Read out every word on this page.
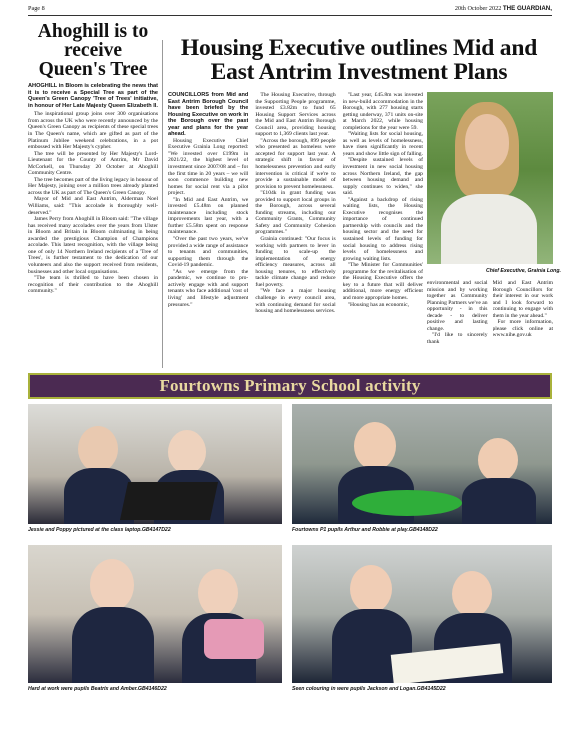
Page 8	20th October 2022 THE GUARDIAN,
Ahoghill is to receive Queen's Tree

AHOGHILL in Bloom is celebrating the news that it is to receive a Special Tree as part of the Queen's Green Canopy 'Tree of Trees' initiative, in honour of Her Late Majesty Queen Elizabeth II.

The inspirational group joins over 300 organisations from across the UK who were recently announced by the Queen's Green Canopy as recipients of these special trees in The Queen's name, which are gifted as part of the Platinum Jubilee weekend celebrations, in a pot embossed with Her Majesty's cypher.

The tree will be presented by Her Majesty's Lord-Lieutenant for the County of Antrim, Mr David McCorkell, on Thursday 20 October at Ahoghill Community Centre.

The tree becomes part of the living legacy in honour of Her Majesty, joining over a million trees already planted across the UK as part of The Queen's Green Canopy.

Mayor of Mid and East Antrim, Alderman Noel Williams, said: "This accolade is thoroughly well-deserved."

James Perry from Ahoghill in Bloom said: "The village has received many accolades over the years from Ulster in Bloom and Britain in Bloom culminating in being awarded the prestigious Champion of Champions accolade. This latest recognition, with the village being one of only 14 Northern Ireland recipients of a 'Tree of Trees', is further testament to the dedication of our volunteers and also the support received from residents, businesses and other local organisations.

"The team is thrilled to have been chosen in recognition of their contribution to the Ahoghill community."

Housing Executive outlines Mid and East Antrim Investment Plans

COUNCILLORS from Mid and East Antrim Borough Council have been briefed by the Housing Executive on work in the Borough over the past year and plans for the year ahead.

Housing Executive Chief Executive Grainia Long reported: "We invested over £199m in 2021/22, the highest level of investment since 2007/08 and – for the first time in 20 years – we will soon commence building new homes for social rent via a pilot project.

"In Mid and East Antrim, we invested £5.48m on planned maintenance including stock improvements last year, with a further £5.58m spent on response maintenance.

"Over the past two years, we've provided a wide range of assistance to tenants and communities, supporting them through the Covid-19 pandemic.

"As we emerge from the pandemic, we continue to pro-actively engage with and support tenants who face additional 'cost of living' and lifestyle adjustment pressures."

The Housing Executive, through the Supporting People programme, invested £3.82m to fund 65 Housing Support Services across the Mid and East Antrim Borough Council area, providing housing support to 1,369 clients last year.

"Across the borough, 899 people who presented as homeless were accepted for support last year. A strategic shift in favour of homelessness prevention and early intervention is critical if we're to provide a sustainable model of provision to prevent homelessness.

"£104k in grant funding was provided to support local groups in the Borough, across several funding streams, including our Community Grants, Community Safety and Community Cohesion programmes."

Grainia continued: "Our focus is working with partners to lever in funding to scale-up the implementation of energy efficiency measures, across all housing tenures, to effectively tackle climate change and reduce fuel poverty.

"We face a major housing challenge in every council area, with continuing demand for social housing and homelessness services.

"Last year, £45.8m was invested in new-build accommodation in the Borough, with 277 housing starts getting underway, 371 units on-site at March 2022, while housing completions for the year were 59.

"Waiting lists for social housing, as well as levels of homelessness, have risen significantly in recent years and show little sign of falling.

"Despite sustained levels of investment in new social housing across Northern Ireland, the gap between housing demand and supply continues to widen," she said.

"Against a backdrop of rising waiting lists, the Housing Executive recognises the importance of continued partnership with councils and the housing sector and the need for sustained levels of funding for social housing to address rising levels of homelessness and growing waiting lists.

"The Minister for Communities' programme for the revitalisation of the Housing Executive offers the key to a future that will deliver additional, more energy efficient and more appropriate homes.

"Housing has an economic,

Chief Executive, Grainia Long.

environmental and social mission and by working together as Community Planning Partners we've an opportunity - in this decade - to deliver positive and lasting change.

"I'd like to sincerely thank

Mid and East Antrim Borough Councillors for their interest in our work and I look forward to continuing to engage with them in the year ahead."

For more information, please click online at www.nihe.gov.uk

Fourtowns Primary School activity
Jessie and Poppy pictured at the class laptop.GB4147D22	Fourtowns P1 pupils Arthur and Robbie at play.GB4148D22
Hard at work were pupils Beatrix and Amber.GB4146D22	Seen colouring in were pupils Jackson and Logan.GB4145D22
